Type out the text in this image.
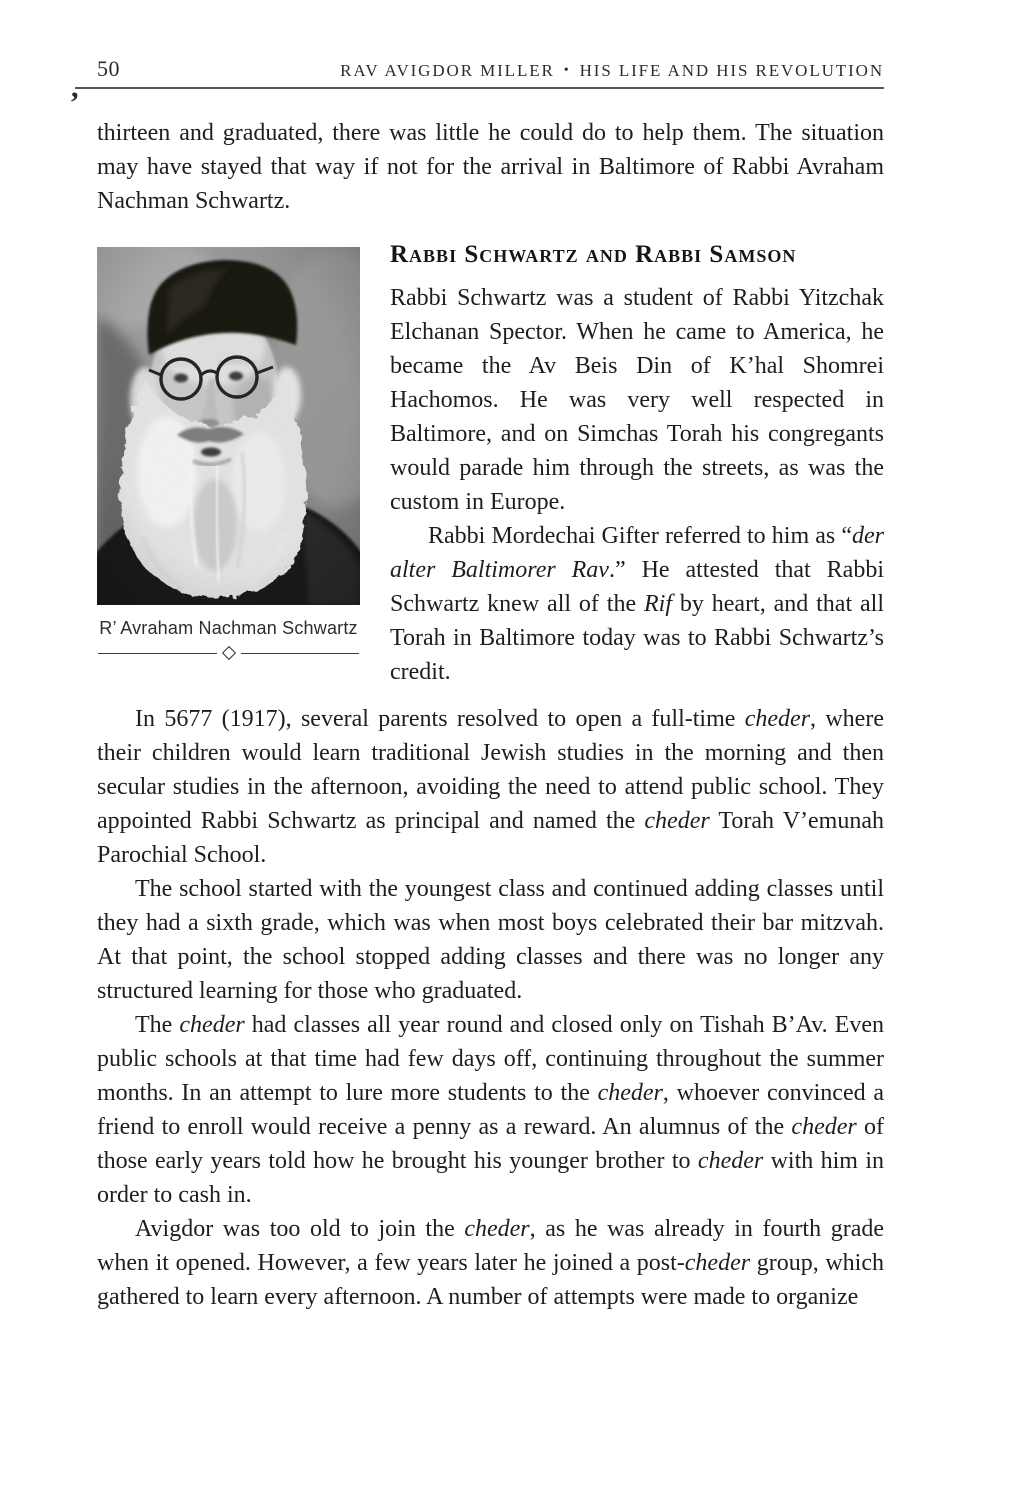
50	RAV AVIGDOR MILLER • HIS LIFE AND HIS REVOLUTION
,

thirteen and graduated, there was little he could do to help them. The situation may have stayed that way if not for the arrival in Baltimore of Rabbi Avraham Nachman Schwartz.

R’ Avraham Nachman Schwartz
Rabbi Schwartz and Rabbi Samson

Rabbi Schwartz was a student of Rabbi Yitzchak Elchanan Spector. When he came to America, he became the Av Beis Din of K’hal Shomrei Hachomos. He was very well respected in Baltimore, and on Simchas Torah his congregants would parade him through the streets, as was the custom in Europe.

Rabbi Mordechai Gifter referred to him as “der alter Baltimorer Rav.” He attested that Rabbi Schwartz knew all of the Rif by heart, and that all Torah in Baltimore today was to Rabbi Schwartz’s credit.

In 5677 (1917), several parents resolved to open a full-time cheder, where their children would learn traditional Jewish studies in the morning and then secular studies in the afternoon, avoiding the need to attend public school. They appointed Rabbi Schwartz as principal and named the cheder Torah V’emunah Parochial School.

The school started with the youngest class and continued adding classes until they had a sixth grade, which was when most boys celebrated their bar mitzvah. At that point, the school stopped adding classes and there was no longer any structured learning for those who graduated.

The cheder had classes all year round and closed only on Tishah B’Av. Even public schools at that time had few days off, continuing throughout the summer months. In an attempt to lure more students to the cheder, whoever convinced a friend to enroll would receive a penny as a reward. An alumnus of the cheder of those early years told how he brought his younger brother to cheder with him in order to cash in.

Avigdor was too old to join the cheder, as he was already in fourth grade when it opened. However, a few years later he joined a post-cheder group, which gathered to learn every afternoon. A number of attempts were made to organize
